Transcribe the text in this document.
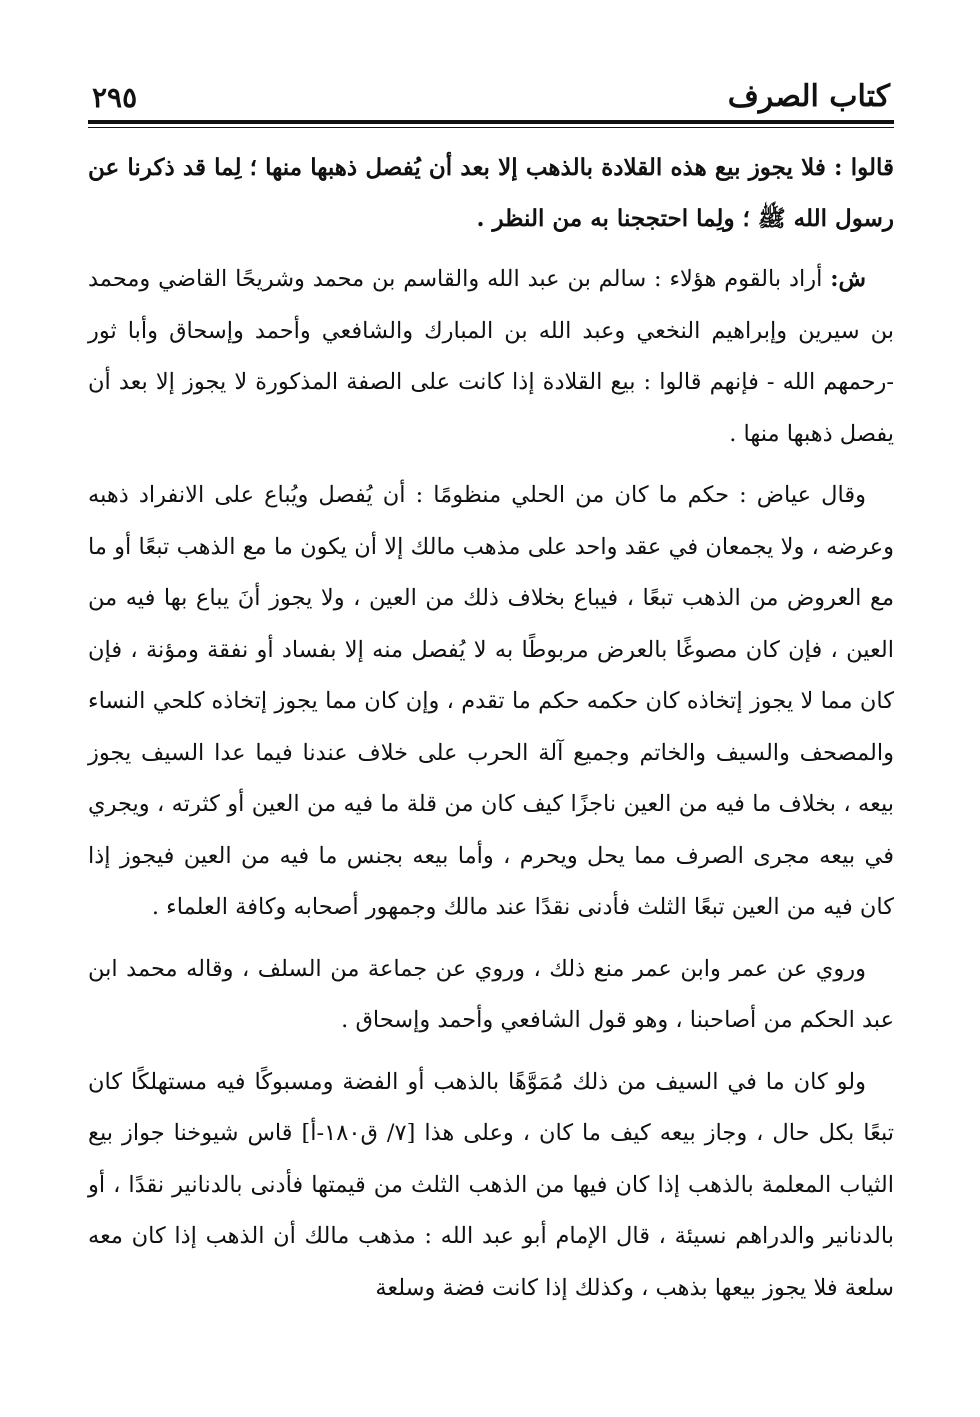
كتاب الصرف
٢٩٥

قالوا : فلا يجوز بيع هذه القلادة بالذهب إلا بعد أن يُفصل ذهبها منها ؛ لِما قد ذكرنا عن رسول الله ﷺ ؛ ولِما احتججنا به من النظر .

ش: أراد بالقوم هؤلاء : سالم بن عبد الله والقاسم بن محمد وشريحًا القاضي ومحمد بن سيرين وإبراهيم النخعي وعبد الله بن المبارك والشافعي وأحمد وإسحاق وأبا ثور -رحمهم الله - فإنهم قالوا : بيع القلادة إذا كانت على الصفة المذكورة لا يجوز إلا بعد أن يفصل ذهبها منها .

وقال عياض : حكم ما كان من الحلي منظومًا : أن يُفصل ويُباع على الانفراد ذهبه وعرضه ، ولا يجمعان في عقد واحد على مذهب مالك إلا أن يكون ما مع الذهب تبعًا أو ما مع العروض من الذهب تبعًا ، فيباع بخلاف ذلك من العين ، ولا يجوز أنَ يباع بها فيه من العين ، فإن كان مصوغًا بالعرض مربوطًا به لا يُفصل منه إلا بفساد أو نفقة ومؤنة ، فإن كان مما لا يجوز إتخاذه كان حكمه حكم ما تقدم ، وإن كان مما يجوز إتخاذه كلحي النساء والمصحف والسيف والخاتم وجميع آلة الحرب على خلاف عندنا فيما عدا السيف يجوز بيعه ، بخلاف ما فيه من العين ناجزًا كيف كان من قلة ما فيه من العين أو كثرته ، ويجري في بيعه مجرى الصرف مما يحل ويحرم ، وأما بيعه بجنس ما فيه من العين فيجوز إذا كان فيه من العين تبعًا الثلث فأدنى نقدًا عند مالك وجمهور أصحابه وكافة العلماء .

وروي عن عمر وابن عمر منع ذلك ، وروي عن جماعة من السلف ، وقاله محمد ابن عبد الحكم من أصاحبنا ، وهو قول الشافعي وأحمد وإسحاق .

ولو كان ما في السيف من ذلك مُمَوَّهًا بالذهب أو الفضة ومسبوكًا فيه مستهلكًا كان تبعًا بكل حال ، وجاز بيعه كيف ما كان ، وعلى هذا [٧/ ق١٨٠-أ] قاس شيوخنا جواز بيع الثياب المعلمة بالذهب إذا كان فيها من الذهب الثلث من قيمتها فأدنى بالدنانير نقدًا ، أو بالدنانير والدراهم نسيئة ، قال الإمام أبو عبد الله : مذهب مالك أن الذهب إذا كان معه سلعة فلا يجوز بيعها بذهب ، وكذلك إذا كانت فضة وسلعة
